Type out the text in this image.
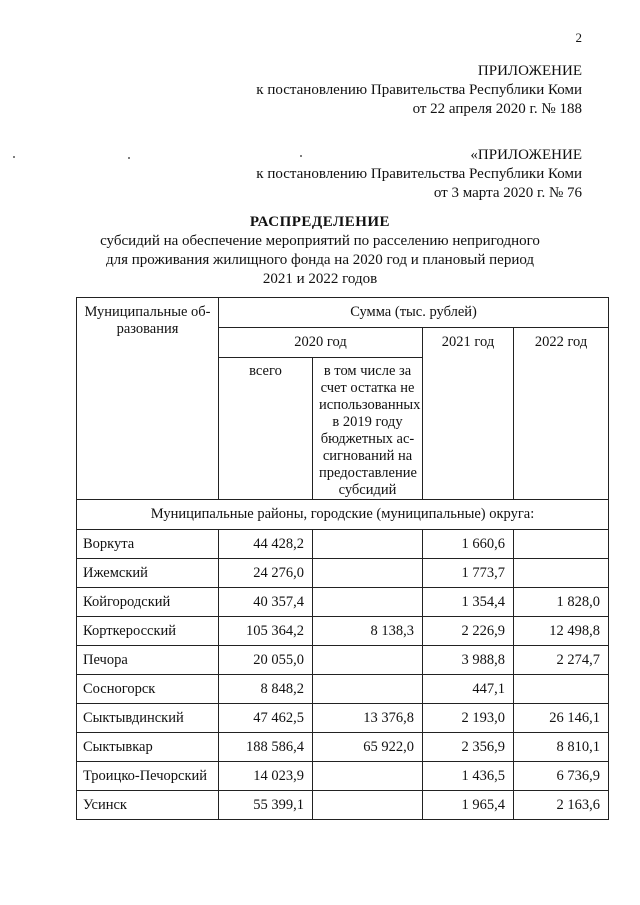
2
ПРИЛОЖЕНИЕ
к постановлению Правительства Республики Коми
от 22 апреля 2020 г. № 188
«ПРИЛОЖЕНИЕ
к постановлению Правительства Республики Коми
от 3 марта 2020 г. № 76
РАСПРЕДЕЛЕНИЕ
субсидий на обеспечение мероприятий по расселению непригодного
для проживания жилищного фонда на 2020 год и плановый период
2021 и 2022 годов
Муниципальные об-разования	Сумма (тыс. рублей)			
	2020 год		2021 год	2022 год
	всего	в том числе за счет остатка не использованных в 2019 году бюджетных ас-сигнований на предоставление субсидий		
Муниципальные районы, городские (муниципальные) округа:				
Воркута	44 428,2		1 660,6	
Ижемский	24 276,0		1 773,7	
Койгородский	40 357,4		1 354,4	1 828,0
Корткеросский	105 364,2	8 138,3	2 226,9	12 498,8
Печора	20 055,0		3 988,8	2 274,7
Сосногорск	8 848,2		447,1	
Сыктывдинский	47 462,5	13 376,8	2 193,0	26 146,1
Сыктывкар	188 586,4	65 922,0	2 356,9	8 810,1
Троицко-Печорский	14 023,9		1 436,5	6 736,9
Усинск	55 399,1		1 965,4	2 163,6
